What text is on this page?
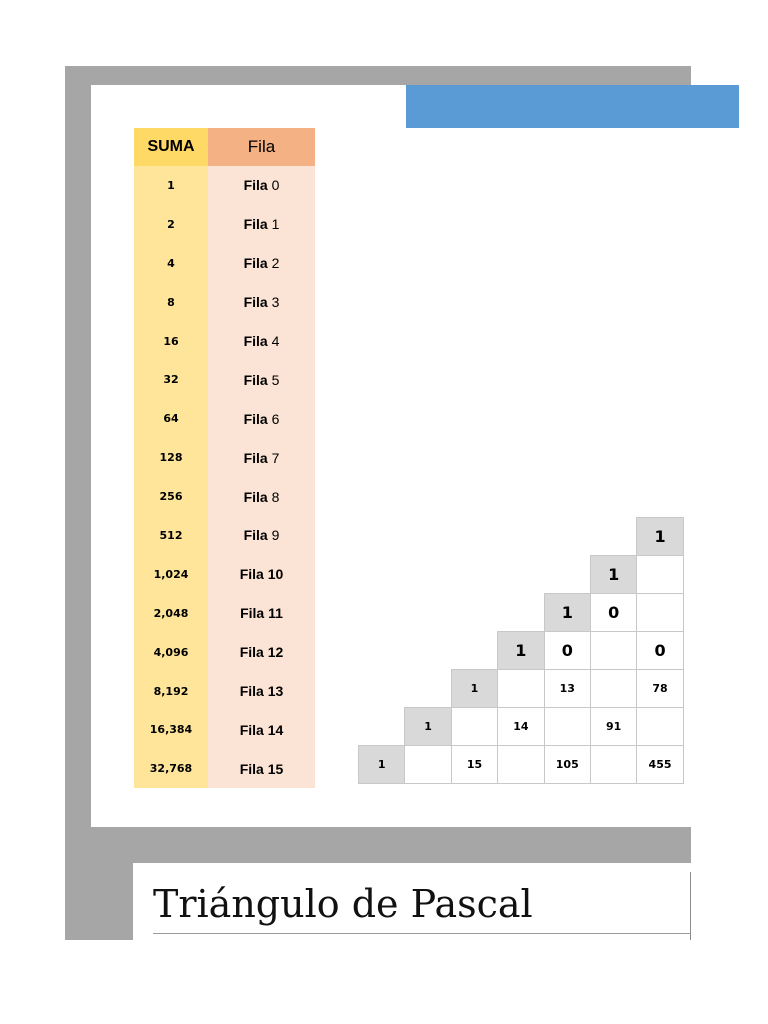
SUMA	Fila
1	Fila 0
2	Fila 1
4	Fila 2
8	Fila 3
16	Fila 4
32	Fila 5
64	Fila 6
128	Fila 7
256	Fila 8
512	Fila 9
1,024	Fila 10
2,048	Fila 11
4,096	Fila 12
8,192	Fila 13
16,384	Fila 14
32,768	Fila 15
						1
					1	
				1	0	
			1	0		0
		1		13		78
	1		14		91	
1		15		105		455
Triángulo de Pascal
